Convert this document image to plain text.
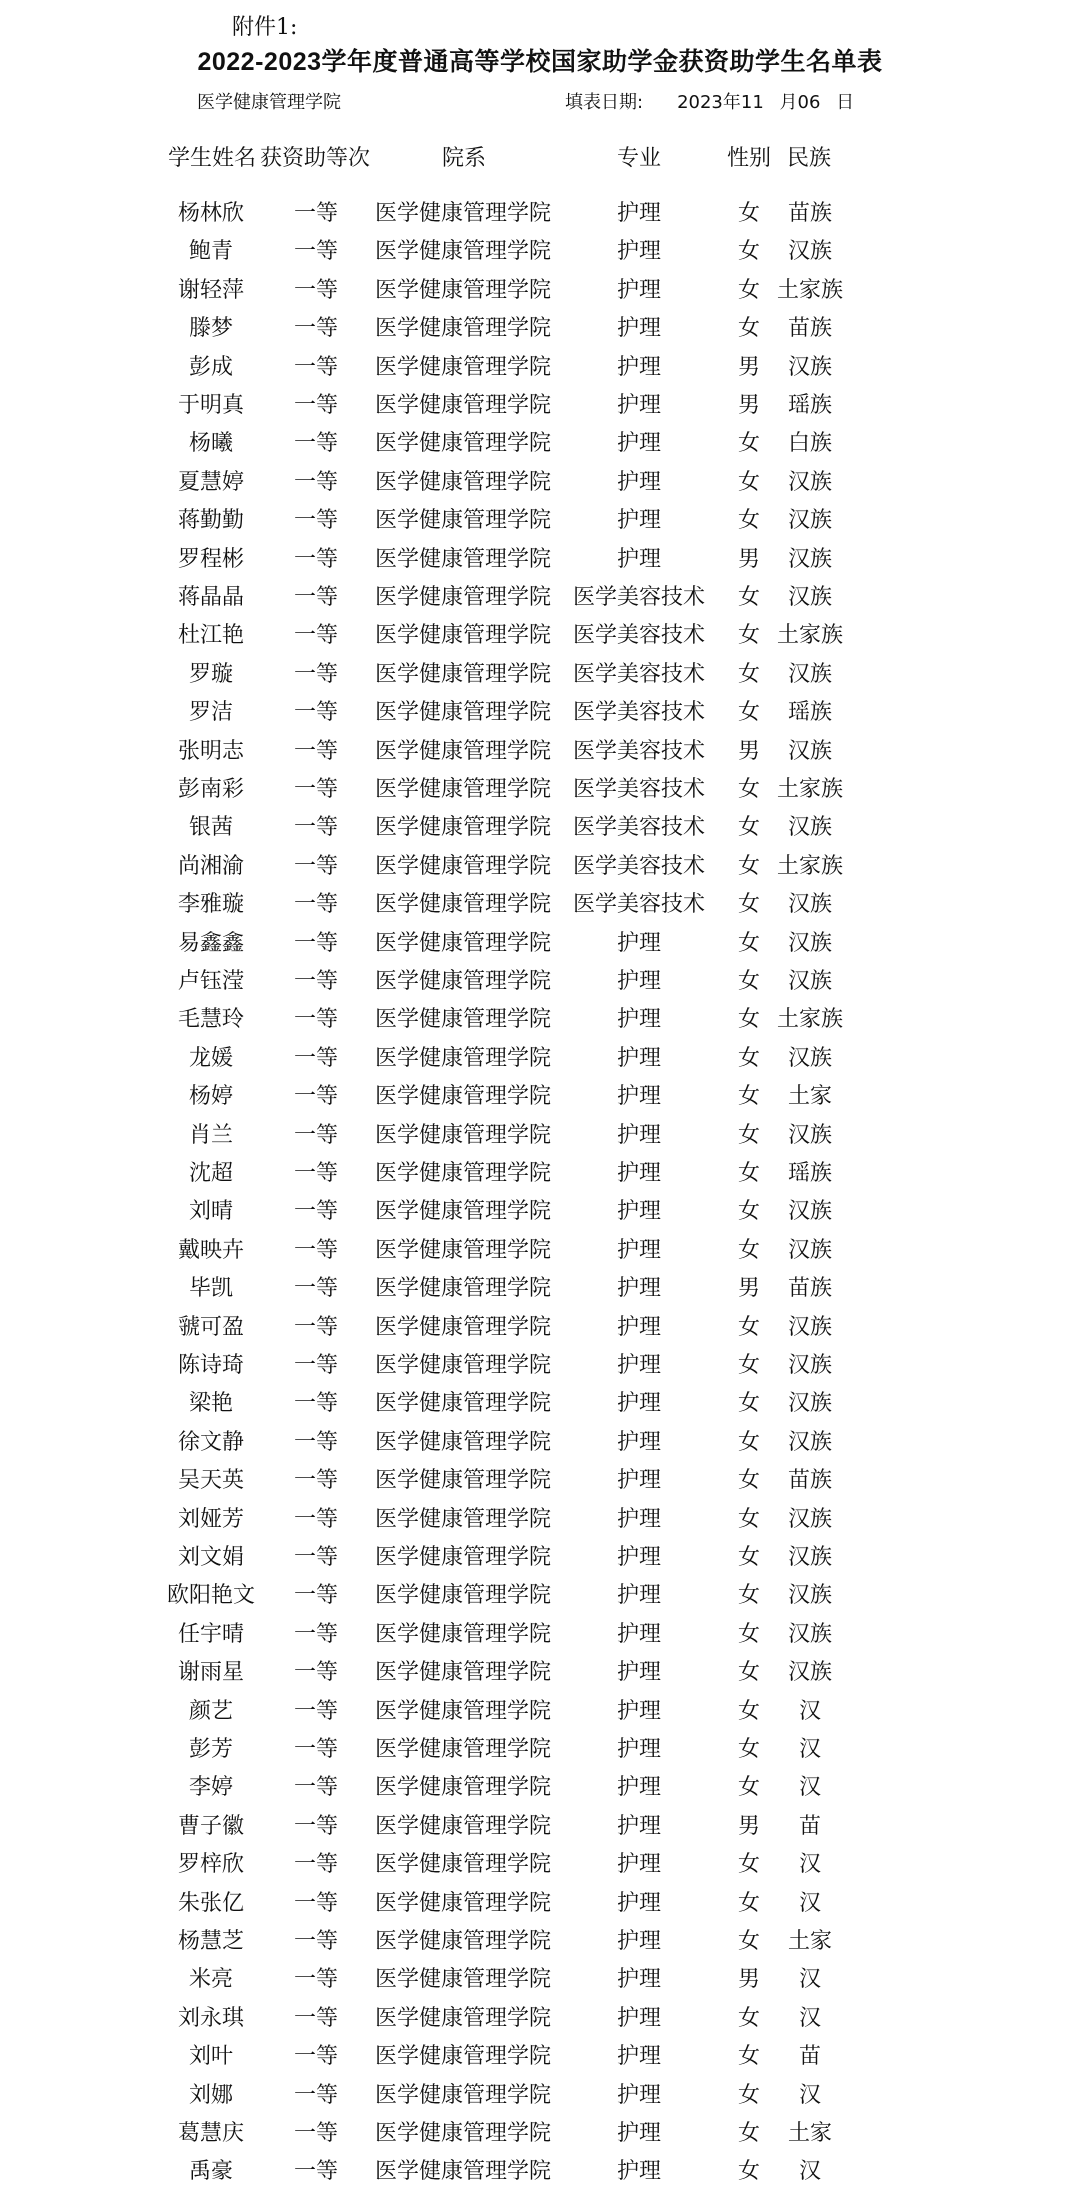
附件1:
2022-2023学年度普通高等学校国家助学金获资助学生名单表
医学健康管理学院	填表日期: 2023年11 月06 日
学生姓名 获资助等次	院系	专业	性别 民族
杨林欣 一等 医学健康管理学院	护理	女 苗族
鲍青	一等 医学健康管理学院	护理	女 汉族
谢轻萍 一等 医学健康管理学院	护理	女 土家族
滕梦	一等 医学健康管理学院	护理	女 苗族
彭成	一等 医学健康管理学院	护理	男 汉族
于明真 一等 医学健康管理学院	护理	男 瑶族
杨曦	一等 医学健康管理学院	护理	女 白族
夏慧婷 一等 医学健康管理学院	护理	女 汉族
蒋勤勤 一等 医学健康管理学院	护理	女 汉族
罗程彬 一等 医学健康管理学院	护理	男 汉族
蒋晶晶 一等 医学健康管理学院 医学美容技术 女 汉族
杜江艳 一等 医学健康管理学院 医学美容技术 女 土家族
罗璇	一等 医学健康管理学院 医学美容技术 女 汉族
罗洁	一等 医学健康管理学院 医学美容技术 女 瑶族
张明志 一等 医学健康管理学院 医学美容技术 男 汉族
彭南彩 一等 医学健康管理学院 医学美容技术 女 土家族
银茜	一等 医学健康管理学院 医学美容技术 女 汉族
尚湘渝 一等 医学健康管理学院 医学美容技术 女 土家族
李雅璇 一等 医学健康管理学院 医学美容技术 女 汉族
易鑫鑫 一等 医学健康管理学院	护理	女 汉族
卢钰滢 一等 医学健康管理学院	护理	女 汉族
毛慧玲 一等 医学健康管理学院	护理	女 土家族
龙媛	一等 医学健康管理学院	护理	女 汉族
杨婷	一等 医学健康管理学院	护理	女 土家
肖兰	一等 医学健康管理学院	护理	女 汉族
沈超	一等 医学健康管理学院	护理	女 瑶族
刘晴	一等 医学健康管理学院	护理	女 汉族
戴映卉 一等 医学健康管理学院	护理	女 汉族
毕凯	一等 医学健康管理学院	护理	男 苗族
虢可盈 一等 医学健康管理学院	护理	女 汉族
陈诗琦 一等 医学健康管理学院	护理	女 汉族
梁艳	一等 医学健康管理学院	护理	女 汉族
徐文静 一等 医学健康管理学院	护理	女 汉族
吴天英 一等 医学健康管理学院	护理	女 苗族
刘娅芳 一等 医学健康管理学院	护理	女 汉族
刘文娟 一等 医学健康管理学院	护理	女 汉族
欧阳艳文 一等 医学健康管理学院	护理	女 汉族
任宇晴 一等 医学健康管理学院	护理	女 汉族
谢雨星 一等 医学健康管理学院	护理	女 汉族
颜艺	一等 医学健康管理学院	护理	女 汉
彭芳	一等 医学健康管理学院	护理	女 汉
李婷	一等 医学健康管理学院	护理	女 汉
曹子徽 一等 医学健康管理学院	护理	男 苗
罗梓欣 一等 医学健康管理学院	护理	女 汉
朱张亿 一等 医学健康管理学院	护理	女 汉
杨慧芝 一等 医学健康管理学院	护理	女 土家
米亮	一等 医学健康管理学院	护理	男 汉
刘永琪 一等 医学健康管理学院	护理	女 汉
刘叶	一等 医学健康管理学院	护理	女 苗
刘娜	一等 医学健康管理学院	护理	女 汉
葛慧庆 一等 医学健康管理学院	护理	女 土家
禹豪	一等 医学健康管理学院	护理	女 汉
